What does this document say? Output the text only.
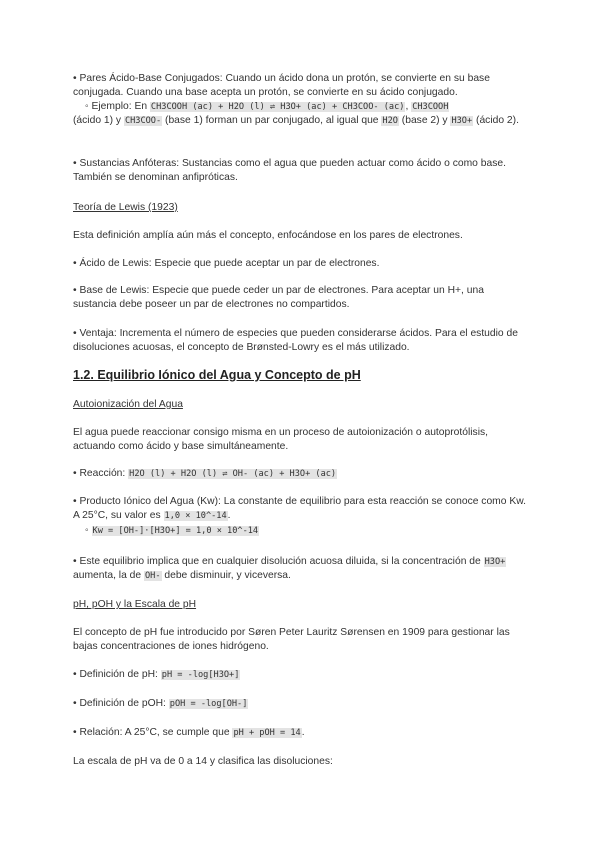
• Pares Ácido-Base Conjugados: Cuando un ácido dona un protón, se convierte en su base conjugada. Cuando una base acepta un protón, se convierte en su ácido conjugado.

◦ Ejemplo: En CH3COOH (ac) + H2O (l) ⇌ H3O+ (ac) + CH3COO- (ac), CH3COOH

(ácido 1) y CH3COO- (base 1) forman un par conjugado, al igual que H2O (base 2) y H3O+ (ácido 2).

• Sustancias Anfóteras: Sustancias como el agua que pueden actuar como ácido o como base. También se denominan anfipróticas.

Teoría de Lewis (1923)

Esta definición amplía aún más el concepto, enfocándose en los pares de electrones.

• Ácido de Lewis: Especie que puede aceptar un par de electrones.

• Base de Lewis: Especie que puede ceder un par de electrones. Para aceptar un H+, una sustancia debe poseer un par de electrones no compartidos.

• Ventaja: Incrementa el número de especies que pueden considerarse ácidos. Para el estudio de disoluciones acuosas, el concepto de Brønsted-Lowry es el más utilizado.

1.2. Equilibrio Iónico del Agua y Concepto de pH

Autoionización del Agua

El agua puede reaccionar consigo misma en un proceso de autoionización o autoprotólisis, actuando como ácido y base simultáneamente.

• Reacción: H2O (l) + H2O (l) ⇌ OH- (ac) + H3O+ (ac)

• Producto Iónico del Agua (Kw): La constante de equilibrio para esta reacción se conoce como Kw. A 25°C, su valor es 1,0 × 10^-14.

◦ Kw = [OH-]·[H3O+] = 1,0 × 10^-14

• Este equilibrio implica que en cualquier disolución acuosa diluida, si la concentración de H3O+ aumenta, la de OH- debe disminuir, y viceversa.

pH, pOH y la Escala de pH

El concepto de pH fue introducido por Søren Peter Lauritz Sørensen en 1909 para gestionar las bajas concentraciones de iones hidrógeno.

• Definición de pH: pH = -log[H3O+]

• Definición de pOH: pOH = -log[OH-]

• Relación: A 25°C, se cumple que pH + pOH = 14.

La escala de pH va de 0 a 14 y clasifica las disoluciones:
